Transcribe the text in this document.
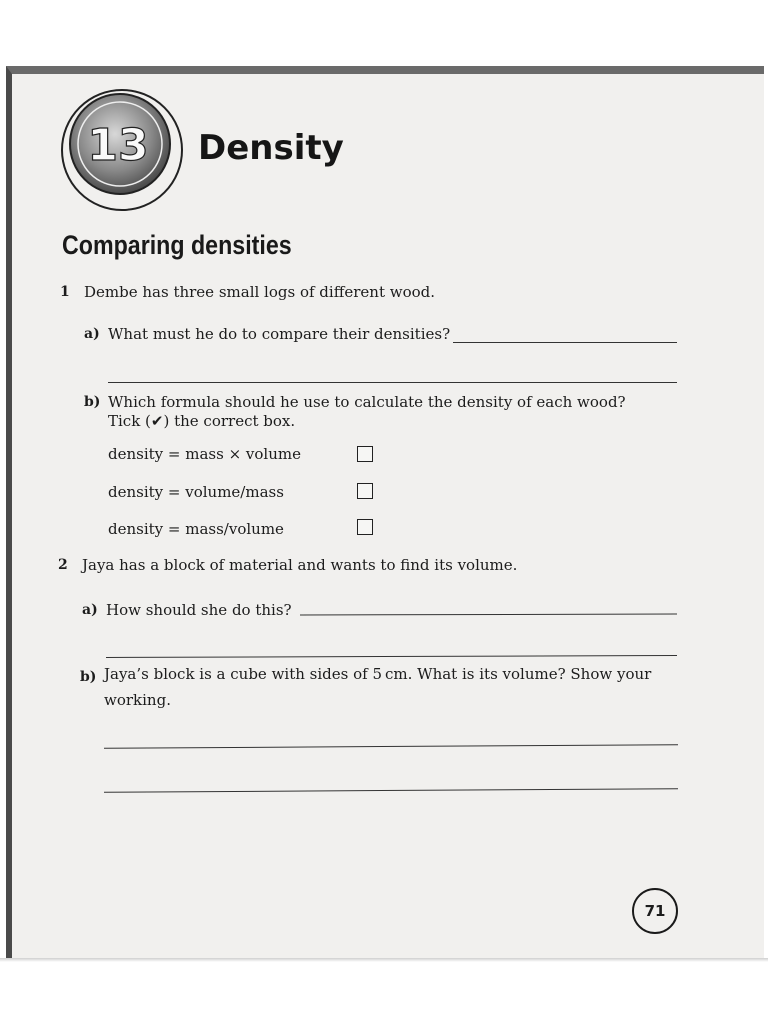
13 Density
Comparing densities
1 Dembe has three small logs of different wood.
a) What must he do to compare their densities?
b) Which formula should he use to calculate the density of each wood?
Tick (✔) the correct box.
density = mass × volume
density = volume/mass
density = mass/volume
2 Jaya has a block of material and wants to find its volume.
a) How should she do this?
b) Jaya’s block is a cube with sides of 5 cm. What is its volume? Show your
working.
71
